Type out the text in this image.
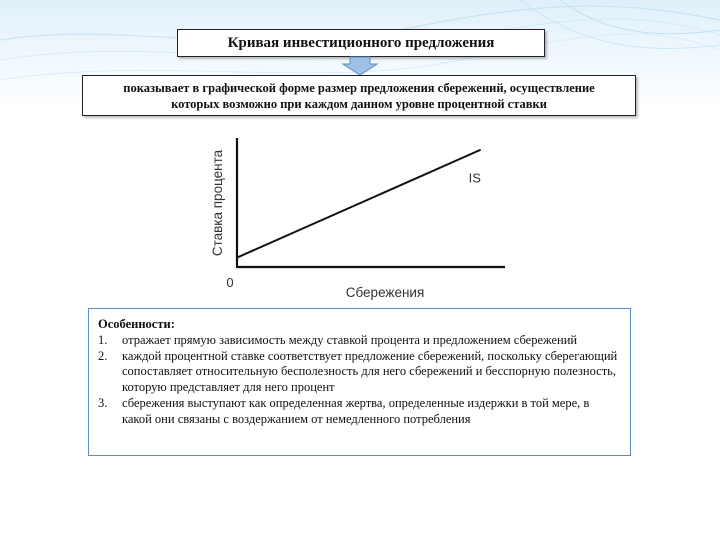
Кривая инвестиционного предложения
показывает в графической форме размер предложения сбережений, осуществление
которых возможно при каждом данном уровне процентной ставки
Ставка процента
Сбережения
0
IS
Особенности:
1.	отражает прямую зависимость между ставкой процента и предложением сбережений
2.	каждой процентной ставке соответствует предложение сбережений, поскольку сберегающий сопоставляет относительную бесполезность для него сбережений и бесспорную полезность, которую представляет для него процент
3.	сбережения выступают как определенная жертва, определенные издержки в той мере, в какой они связаны с воздержанием от немедленного потребления
